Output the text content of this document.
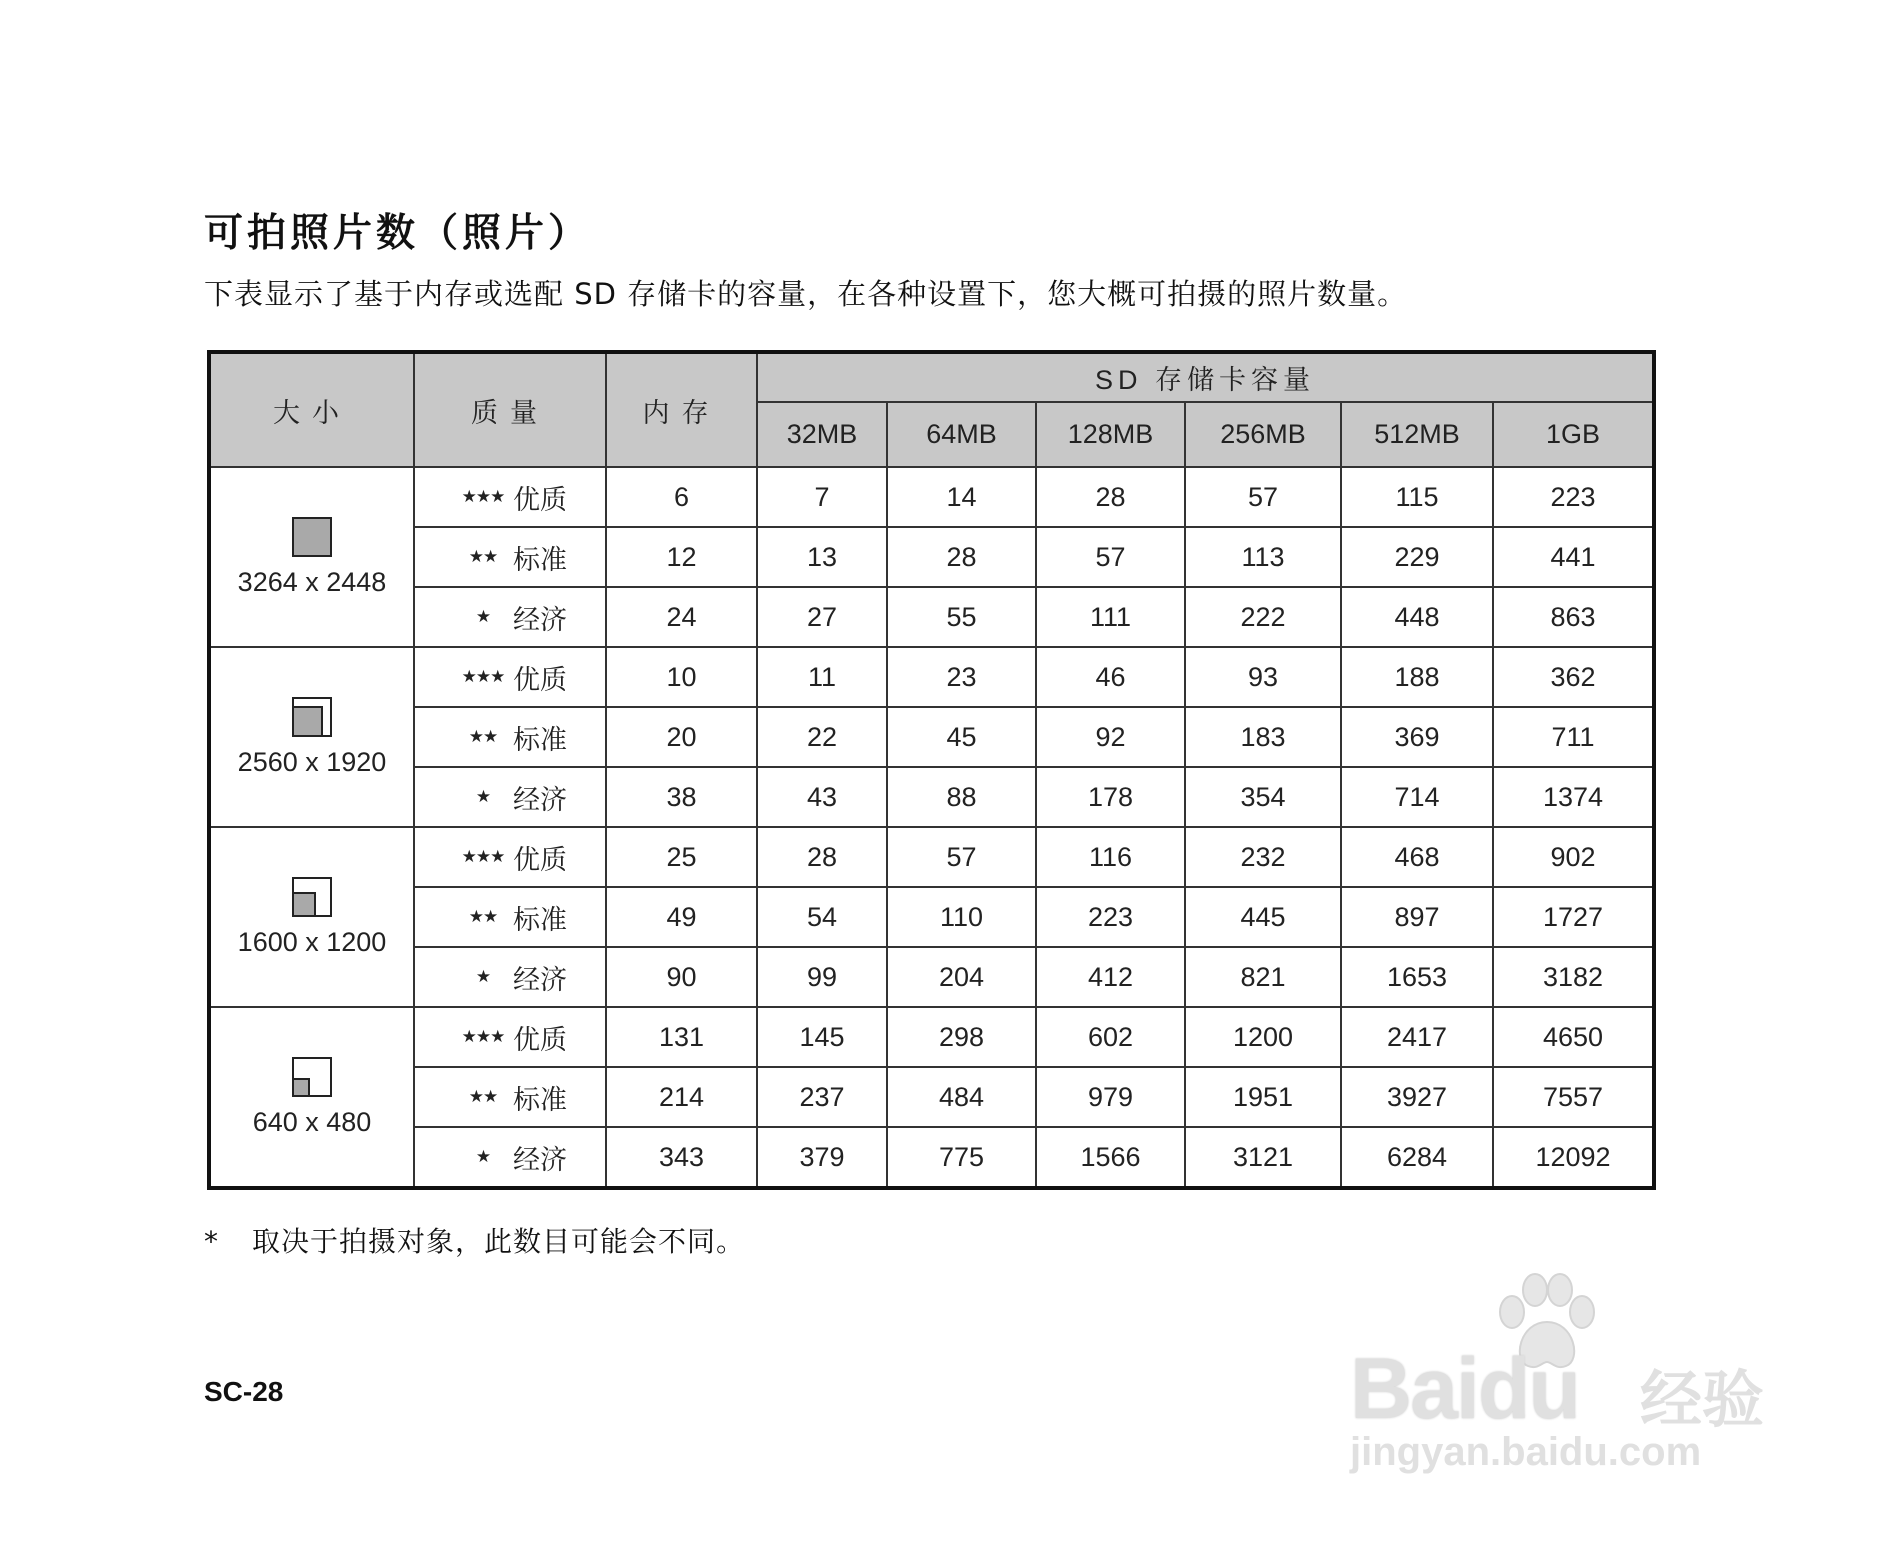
可拍照片数（照片）
下表显示了基于内存或选配 SD 存储卡的容量，在各种设置下，您大概可拍摄的照片数量。
大小	质量	内存	SD 存储卡容量					
			32MB	64MB	128MB	256MB	512MB	1GB

3264 x 2448	★★★ 优质	6	7	14	28	57	115	223
	★★ 标准	12	13	28	57	113	229	441
	★ 经济	24	27	55	111	222	448	863

2560 x 1920	★★★ 优质	10	11	23	46	93	188	362
	★★ 标准	20	22	45	92	183	369	711
	★ 经济	38	43	88	178	354	714	1374

1600 x 1200	★★★ 优质	25	28	57	116	232	468	902
	★★ 标准	49	54	110	223	445	897	1727
	★ 经济	90	99	204	412	821	1653	3182

640 x 480	★★★ 优质	131	145	298	602	1200	2417	4650
	★★ 标准	214	237	484	979	1951	3927	7557
	★ 经济	343	379	775	1566	3121	6284	12092
* 取决于拍摄对象，此数目可能会不同。
SC-28	Baidu 经验
jingyan.baidu.com
